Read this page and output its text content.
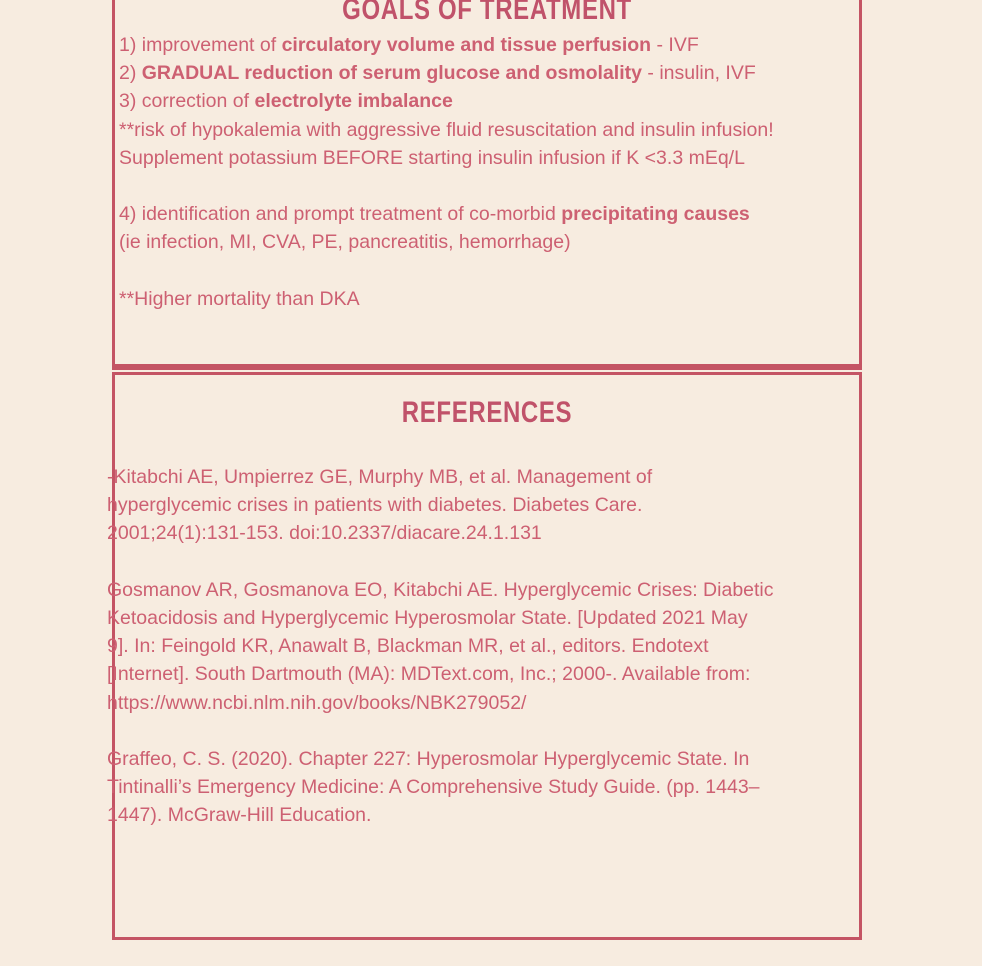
GOALS OF TREATMENT
1) improvement of circulatory volume and tissue perfusion - IVF
2) GRADUAL reduction of serum glucose and osmolality - insulin, IVF
3) correction of electrolyte imbalance
**risk of hypokalemia with aggressive fluid resuscitation and insulin infusion!
Supplement potassium BEFORE starting insulin infusion if K <3.3 mEq/L

4) identification and prompt treatment of co-morbid precipitating causes
(ie infection, MI, CVA, PE, pancreatitis, hemorrhage)

**Higher mortality than DKA
REFERENCES
-Kitabchi AE, Umpierrez GE, Murphy MB, et al. Management of
hyperglycemic crises in patients with diabetes. Diabetes Care.
2001;24(1):131-153. doi:10.2337/diacare.24.1.131
Gosmanov AR, Gosmanova EO, Kitabchi AE. Hyperglycemic Crises: Diabetic
Ketoacidosis and Hyperglycemic Hyperosmolar State. [Updated 2021 May
9]. In: Feingold KR, Anawalt B, Blackman MR, et al., editors. Endotext
[Internet]. South Dartmouth (MA): MDText.com, Inc.; 2000-. Available from:
https://www.ncbi.nlm.nih.gov/books/NBK279052/
Graffeo, C. S. (2020). Chapter 227: Hyperosmolar Hyperglycemic State. In
Tintinalli’s Emergency Medicine: A Comprehensive Study Guide. (pp. 1443–
1447). McGraw-Hill Education.
